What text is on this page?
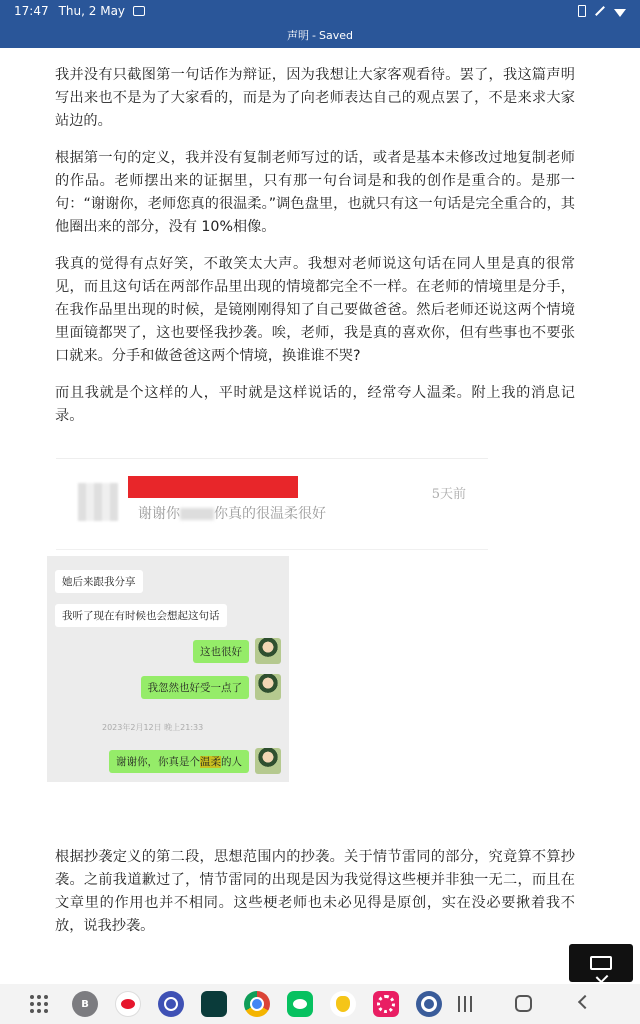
17:47 Thu, 2 May
声明 - Saved

我并没有只截图第一句话作为辩证，因为我想让大家客观看待。罢了，我这篇声明写出来也不是为了大家看的，而是为了向老师表达自己的观点罢了，不是来求大家站边的。

根据第一句的定义，我并没有复制老师写过的话，或者是基本未修改过地复制老师的作品。老师摆出来的证据里，只有那一句台词是和我的创作是重合的。是那一句：“谢谢你，老师您真的很温柔。”调色盘里，也就只有这一句话是完全重合的，其他圈出来的部分，没有 10%相像。

我真的觉得有点好笑，不敢笑太大声。我想对老师说这句话在同人里是真的很常见，而且这句话在两部作品里出现的情境都完全不一样。在老师的情境里是分手，在我作品里出现的时候，是镜刚刚得知了自己要做爸爸。然后老师还说这两个情境里面镜都哭了，这也要怪我抄袭。唉，老师，我是真的喜欢你，但有些事也不要张口就来。分手和做爸爸这两个情境，换谁谁不哭?

而且我就是个这样的人，平时就是这样说话的，经常夸人温柔。附上我的消息记录。

5天前
谢谢你 你真的很温柔很好
她后来跟我分享
我听了现在有时候也会想起这句话
这也很好
我忽然也好受一点了
2023年2月12日 晚上21:33
谢谢你，你真是个温柔的人
根据抄袭定义的第二段，思想范围内的抄袭。关于情节雷同的部分，究竟算不算抄袭。之前我道歉过了，情节雷同的出现是因为我觉得这些梗并非独一无二，而且在文章里的作用也并不相同。这些梗老师也未必见得是原创，实在没必要揪着我不放，说我抄袭。
B
